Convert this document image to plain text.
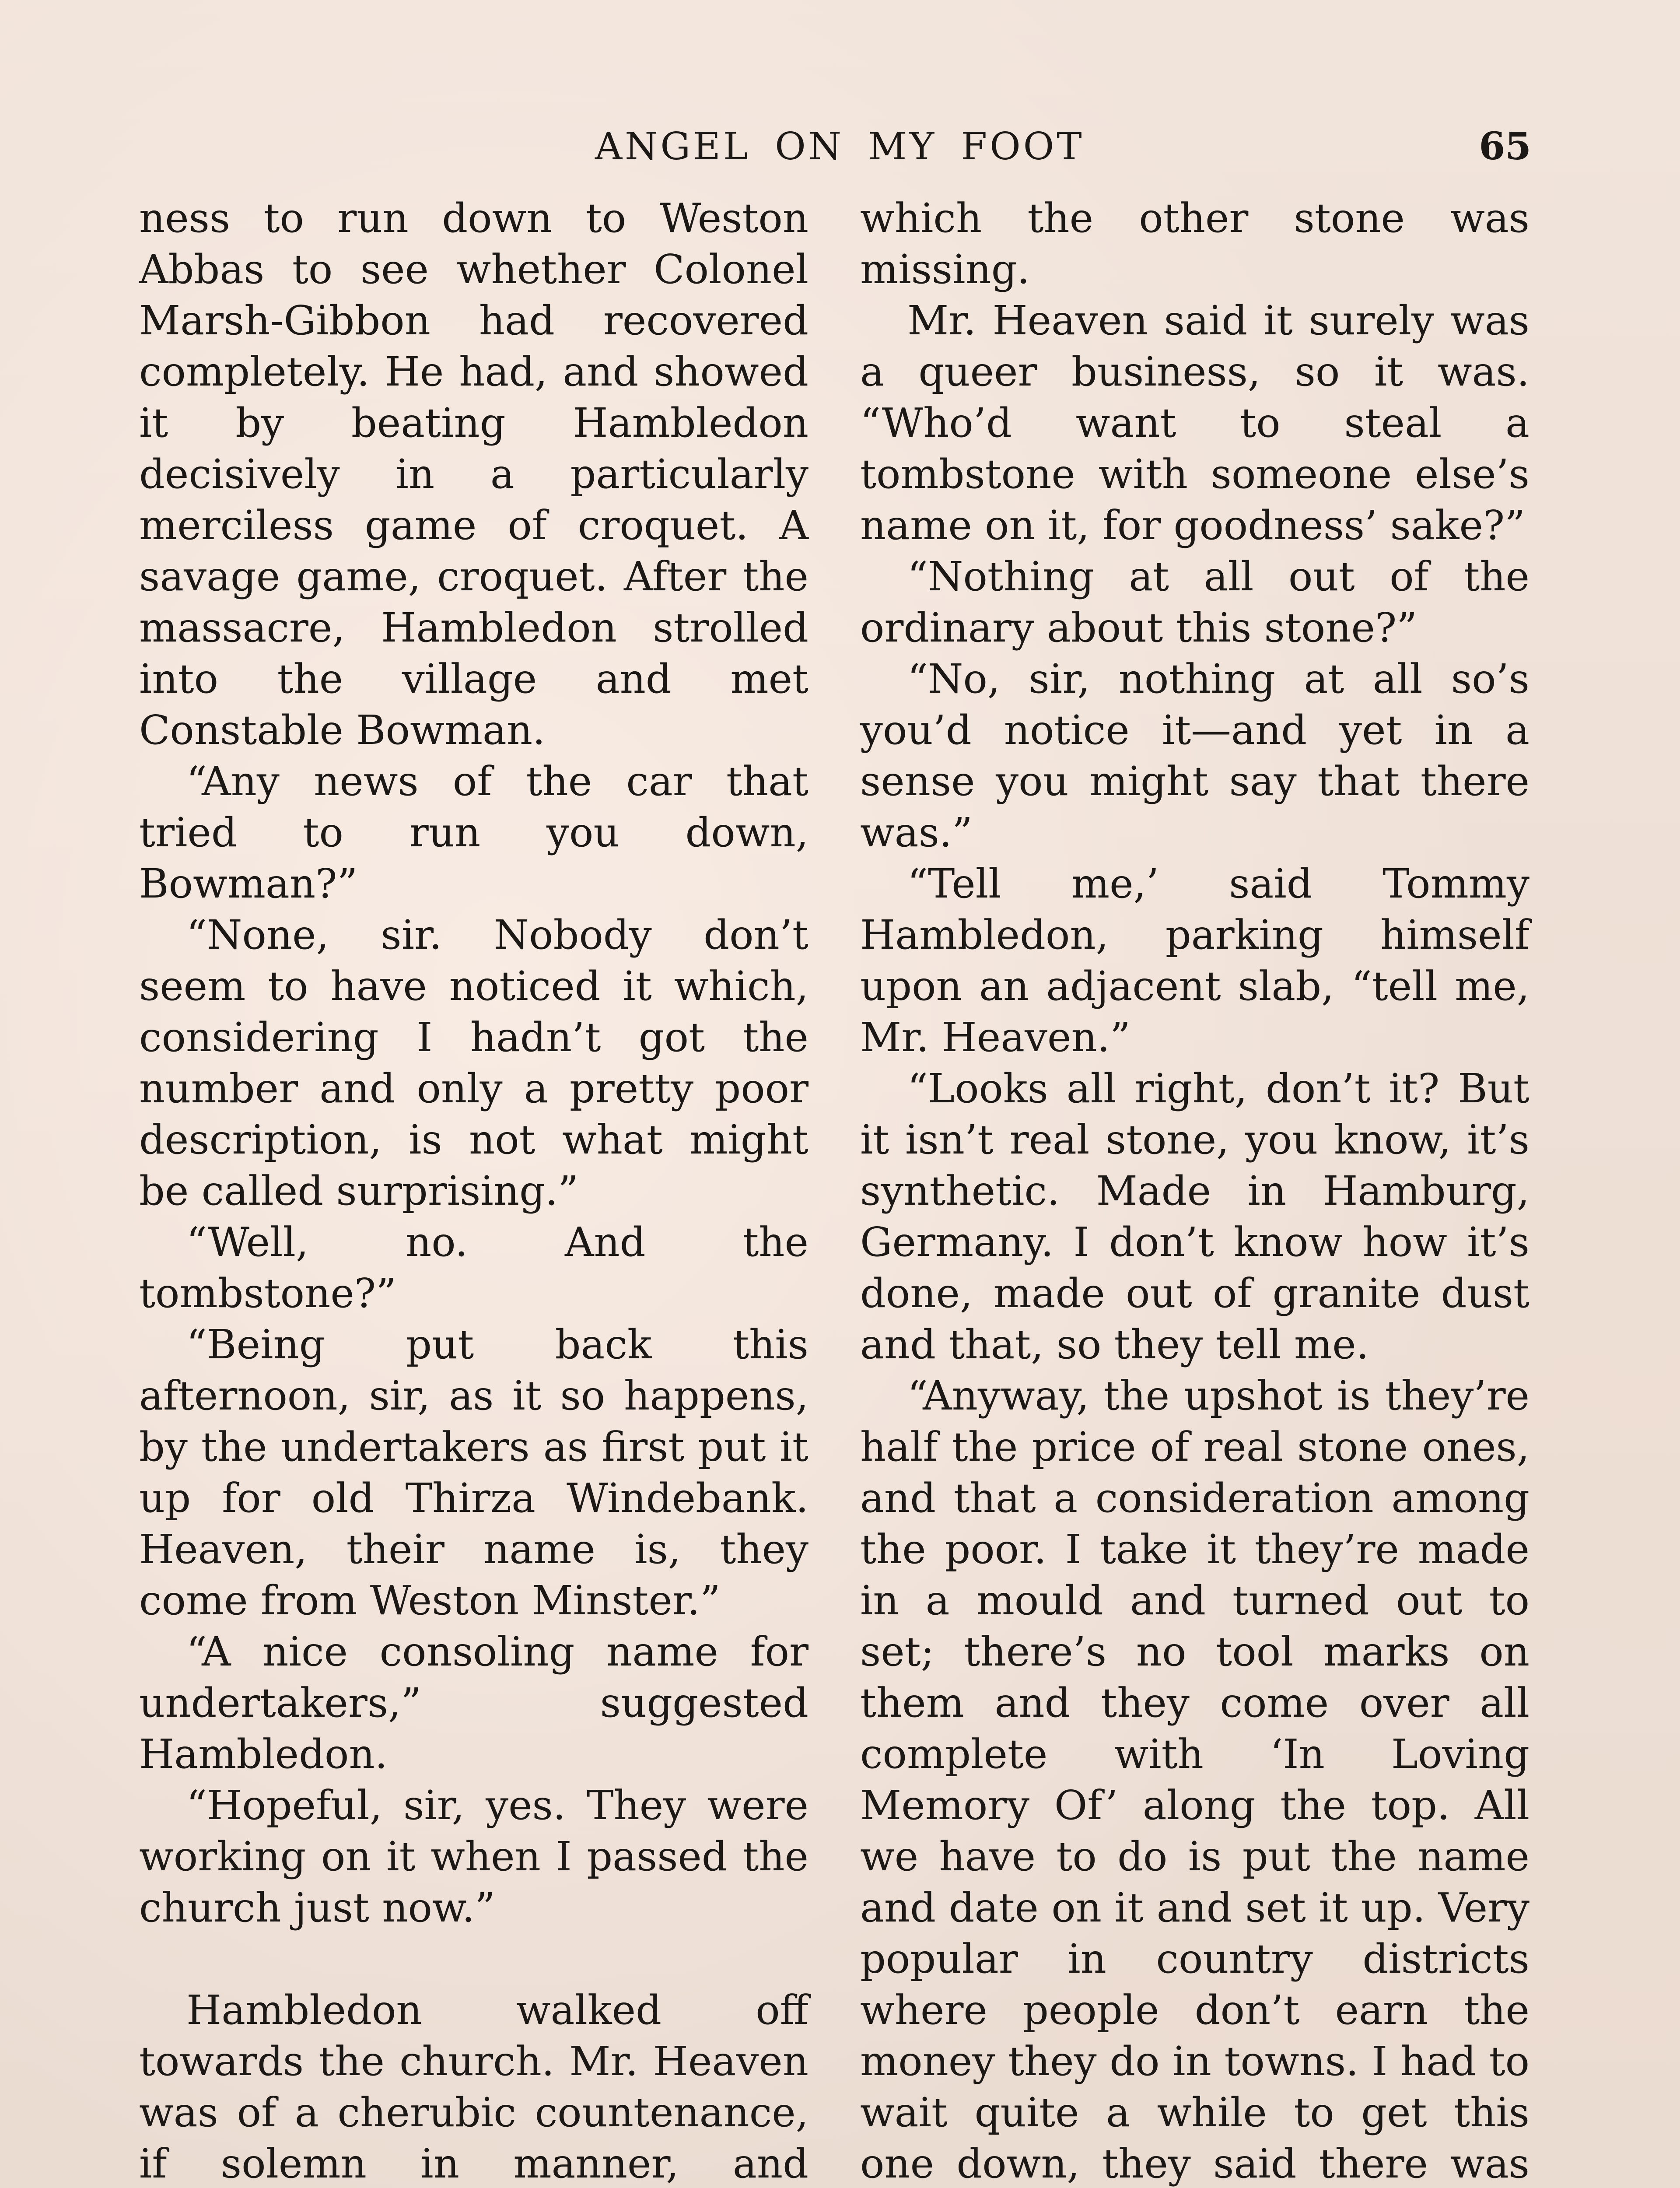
ANGEL ON MY FOOT	65

ness to run down to Weston Abbas to see whether Colonel Marsh-Gibbon had recovered completely. He had, and showed it by beating Hambledon decisively in a particularly merciless game of croquet. A savage game, croquet. After the massacre, Hambledon strolled into the village and met Constable Bowman.

“Any news of the car that tried to run you down, Bowman?”

“None, sir. Nobody don’t seem to have noticed it which, considering I hadn’t got the number and only a pretty poor description, is not what might be called surprising.”

“Well, no. And the tombstone?”

“Being put back this afternoon, sir, as it so happens, by the undertakers as first put it up for old Thirza Windebank. Heaven, their name is, they come from Weston Minster.”

“A nice consoling name for undertakers,” suggested Hambledon.

“Hopeful, sir, yes. They were working on it when I passed the church just now.”

Hambledon walked off towards the church. Mr. Heaven was of a cherubic countenance, if solemn in manner, and

which the other stone was missing.

Mr. Heaven said it surely was a queer business, so it was. “Who’d want to steal a tombstone with someone else’s name on it, for goodness’ sake?”

“Nothing at all out of the ordinary about this stone?”

“No, sir, nothing at all so’s you’d notice it—and yet in a sense you might say that there was.”

“Tell me,’ said Tommy Hambledon, parking himself upon an adjacent slab, “tell me, Mr. Heaven.”

“Looks all right, don’t it? But it isn’t real stone, you know, it’s synthetic. Made in Hamburg, Germany. I don’t know how it’s done, made out of granite dust and that, so they tell me.

“Anyway, the upshot is they’re half the price of real stone ones, and that a consideration among the poor. I take it they’re made in a mould and turned out to set; there’s no tool marks on them and they come over all complete with ‘In Loving Memory Of’ along the top. All we have to do is put the name and date on it and set it up. Very popular in country districts where people don’t earn the money they do in towns. I had to wait quite a while to get this one down, they said there was
